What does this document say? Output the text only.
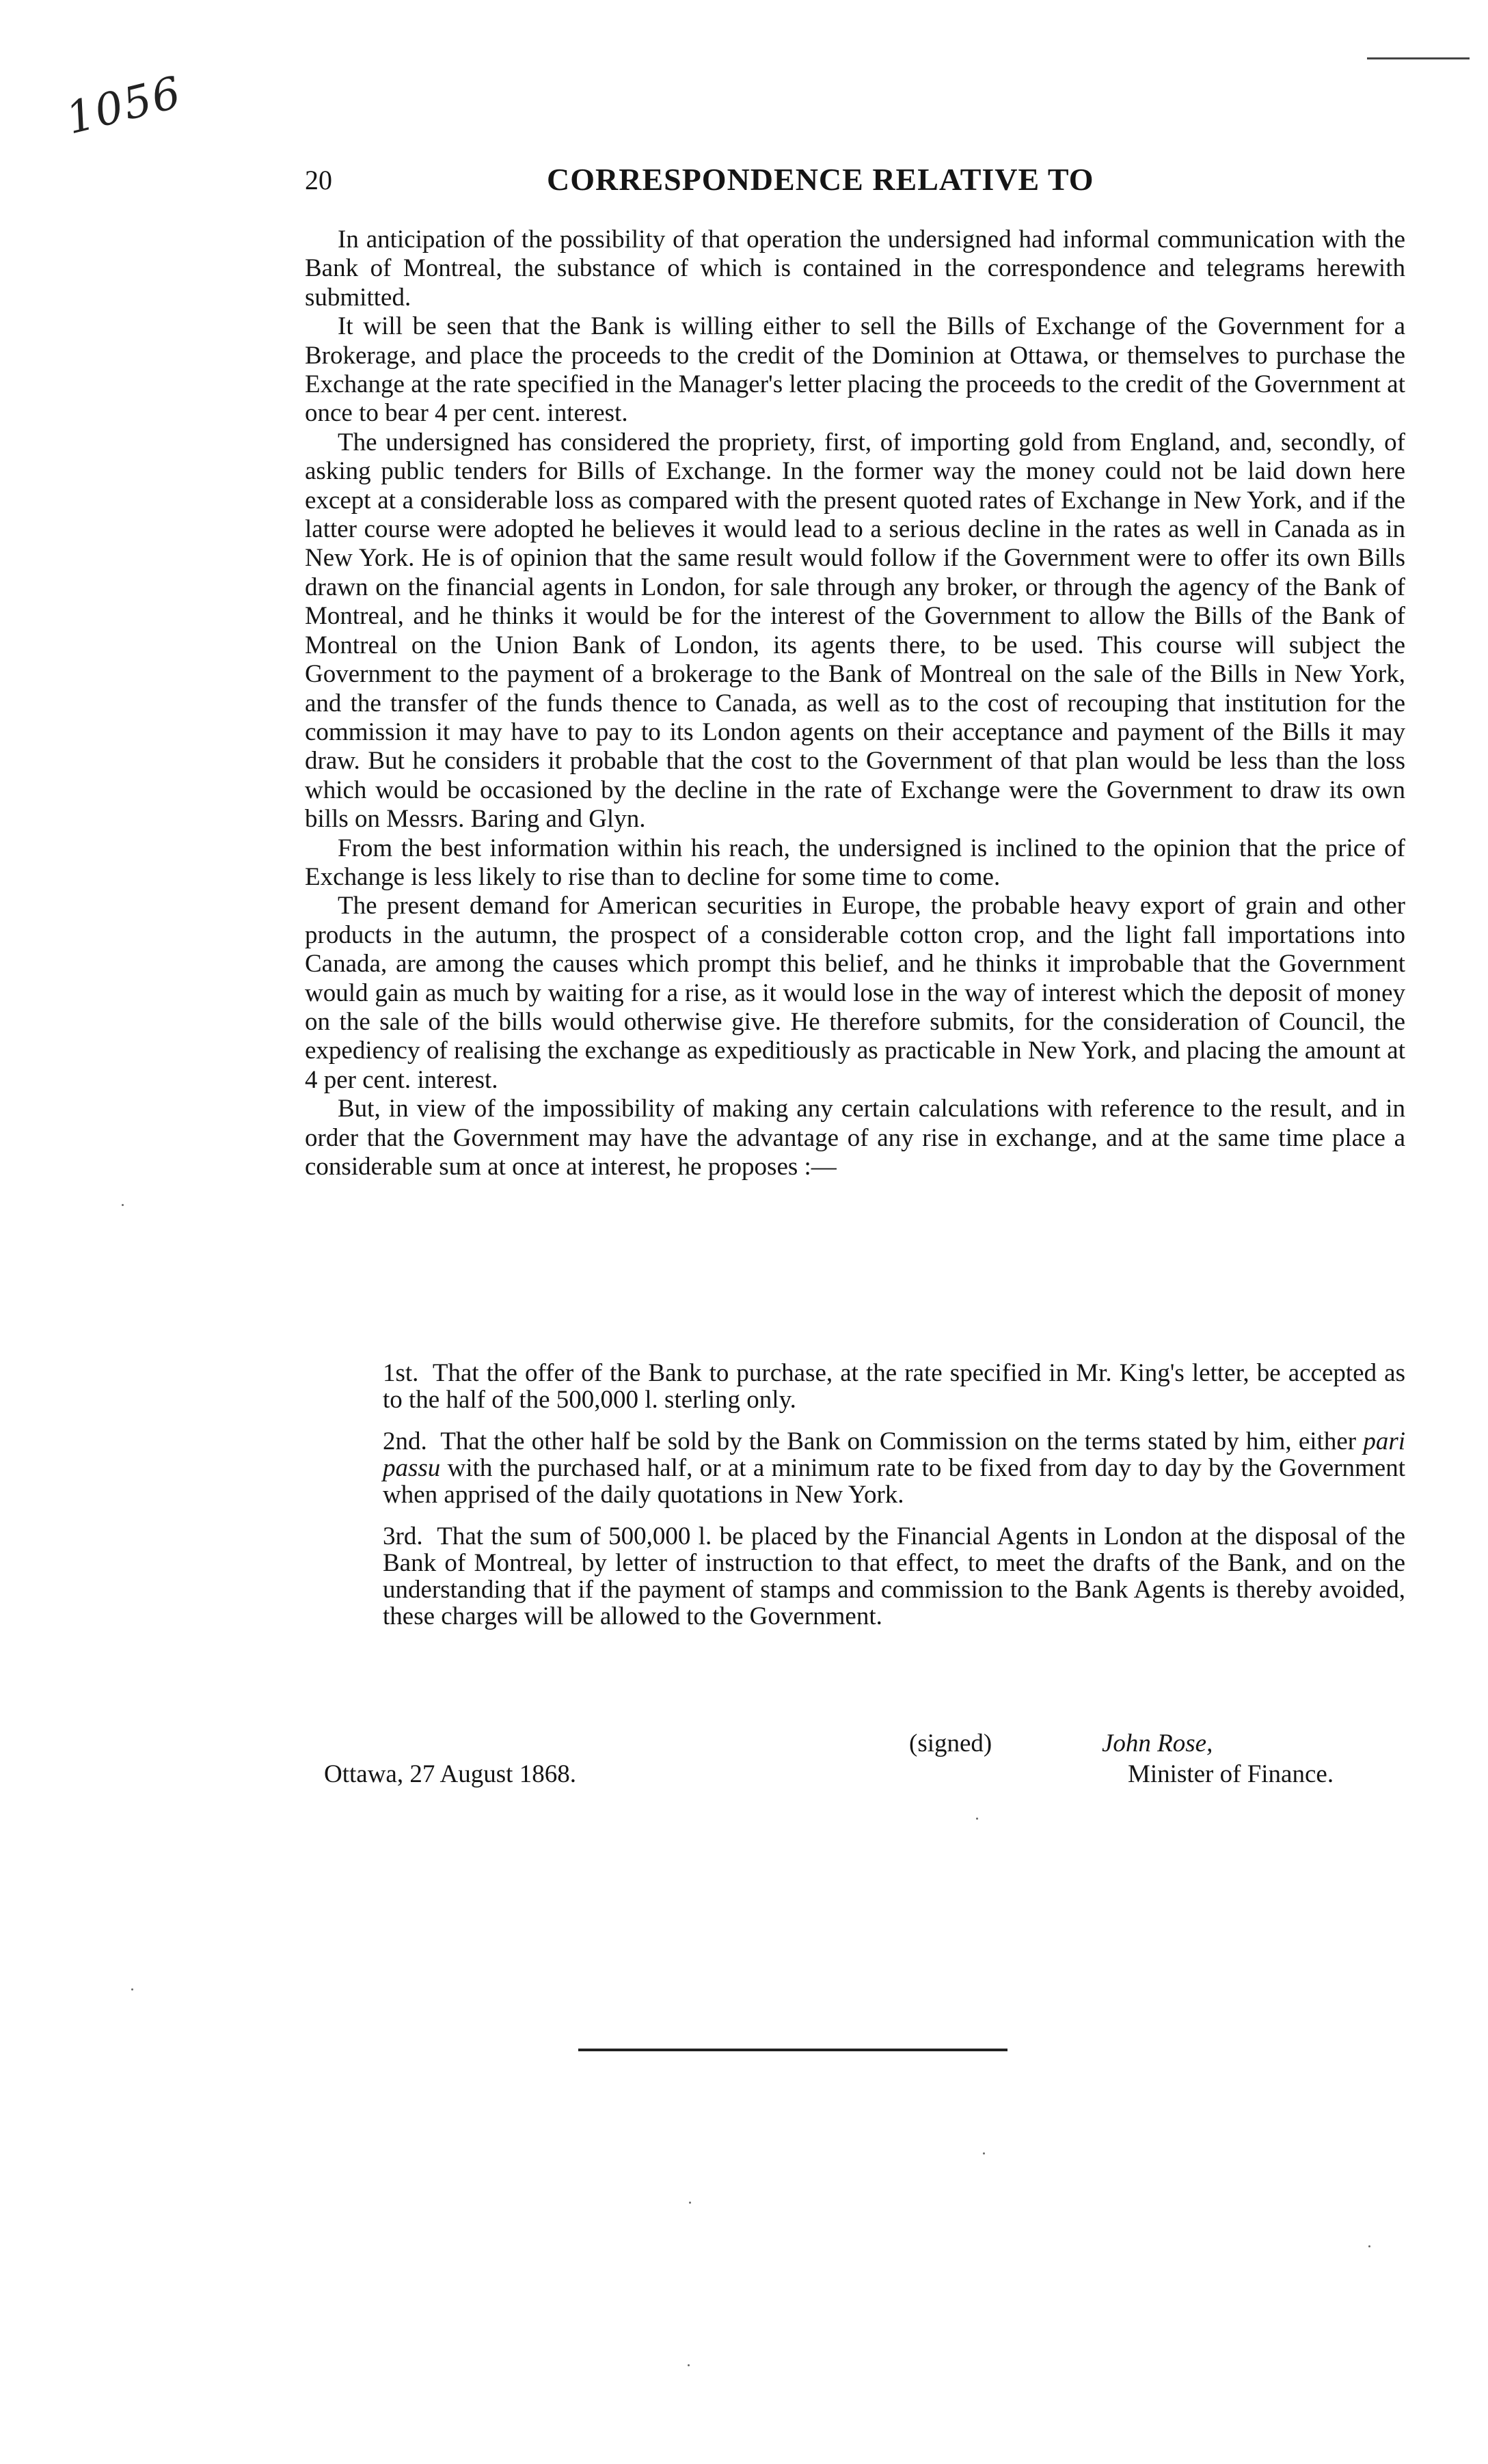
1056
20	CORRESPONDENCE RELATIVE TO

In anticipation of the possibility of that operation the undersigned had informal communication with the Bank of Montreal, the substance of which is contained in the correspondence and telegrams herewith submitted.

It will be seen that the Bank is willing either to sell the Bills of Exchange of the Government for a Brokerage, and place the proceeds to the credit of the Dominion at Ottawa, or themselves to purchase the Exchange at the rate specified in the Manager's letter placing the proceeds to the credit of the Government at once to bear 4 per cent. interest.

The undersigned has considered the propriety, first, of importing gold from England, and, secondly, of asking public tenders for Bills of Exchange. In the former way the money could not be laid down here except at a considerable loss as compared with the present quoted rates of Exchange in New York, and if the latter course were adopted he believes it would lead to a serious decline in the rates as well in Canada as in New York. He is of opinion that the same result would follow if the Government were to offer its own Bills drawn on the financial agents in London, for sale through any broker, or through the agency of the Bank of Montreal, and he thinks it would be for the interest of the Government to allow the Bills of the Bank of Montreal on the Union Bank of London, its agents there, to be used. This course will subject the Government to the payment of a brokerage to the Bank of Montreal on the sale of the Bills in New York, and the transfer of the funds thence to Canada, as well as to the cost of recouping that institution for the commission it may have to pay to its London agents on their acceptance and payment of the Bills it may draw. But he considers it probable that the cost to the Government of that plan would be less than the loss which would be occasioned by the decline in the rate of Exchange were the Government to draw its own bills on Messrs. Baring and Glyn.

From the best information within his reach, the undersigned is inclined to the opinion that the price of Exchange is less likely to rise than to decline for some time to come.

The present demand for American securities in Europe, the probable heavy export of grain and other products in the autumn, the prospect of a considerable cotton crop, and the light fall importations into Canada, are among the causes which prompt this belief, and he thinks it improbable that the Government would gain as much by waiting for a rise, as it would lose in the way of interest which the deposit of money on the sale of the bills would otherwise give. He therefore submits, for the consideration of Council, the expediency of realising the exchange as expeditiously as practicable in New York, and placing the amount at 4 per cent. interest.

But, in view of the impossibility of making any certain calculations with reference to the result, and in order that the Government may have the advantage of any rise in exchange, and at the same time place a considerable sum at once at interest, he proposes :—

1st. That the offer of the Bank to purchase, at the rate specified in Mr. King's letter, be accepted as to the half of the 500,000 l. sterling only.

2nd. That the other half be sold by the Bank on Commission on the terms stated by him, either pari passu with the purchased half, or at a minimum rate to be fixed from day to day by the Government when apprised of the daily quotations in New York.

3rd. That the sum of 500,000 l. be placed by the Financial Agents in London at the disposal of the Bank of Montreal, by letter of instruction to that effect, to meet the drafts of the Bank, and on the understanding that if the payment of stamps and commission to the Bank Agents is thereby avoided, these charges will be allowed to the Government.

(signed)	John Rose,
Ottawa, 27 August 1868.	Minister of Finance.
